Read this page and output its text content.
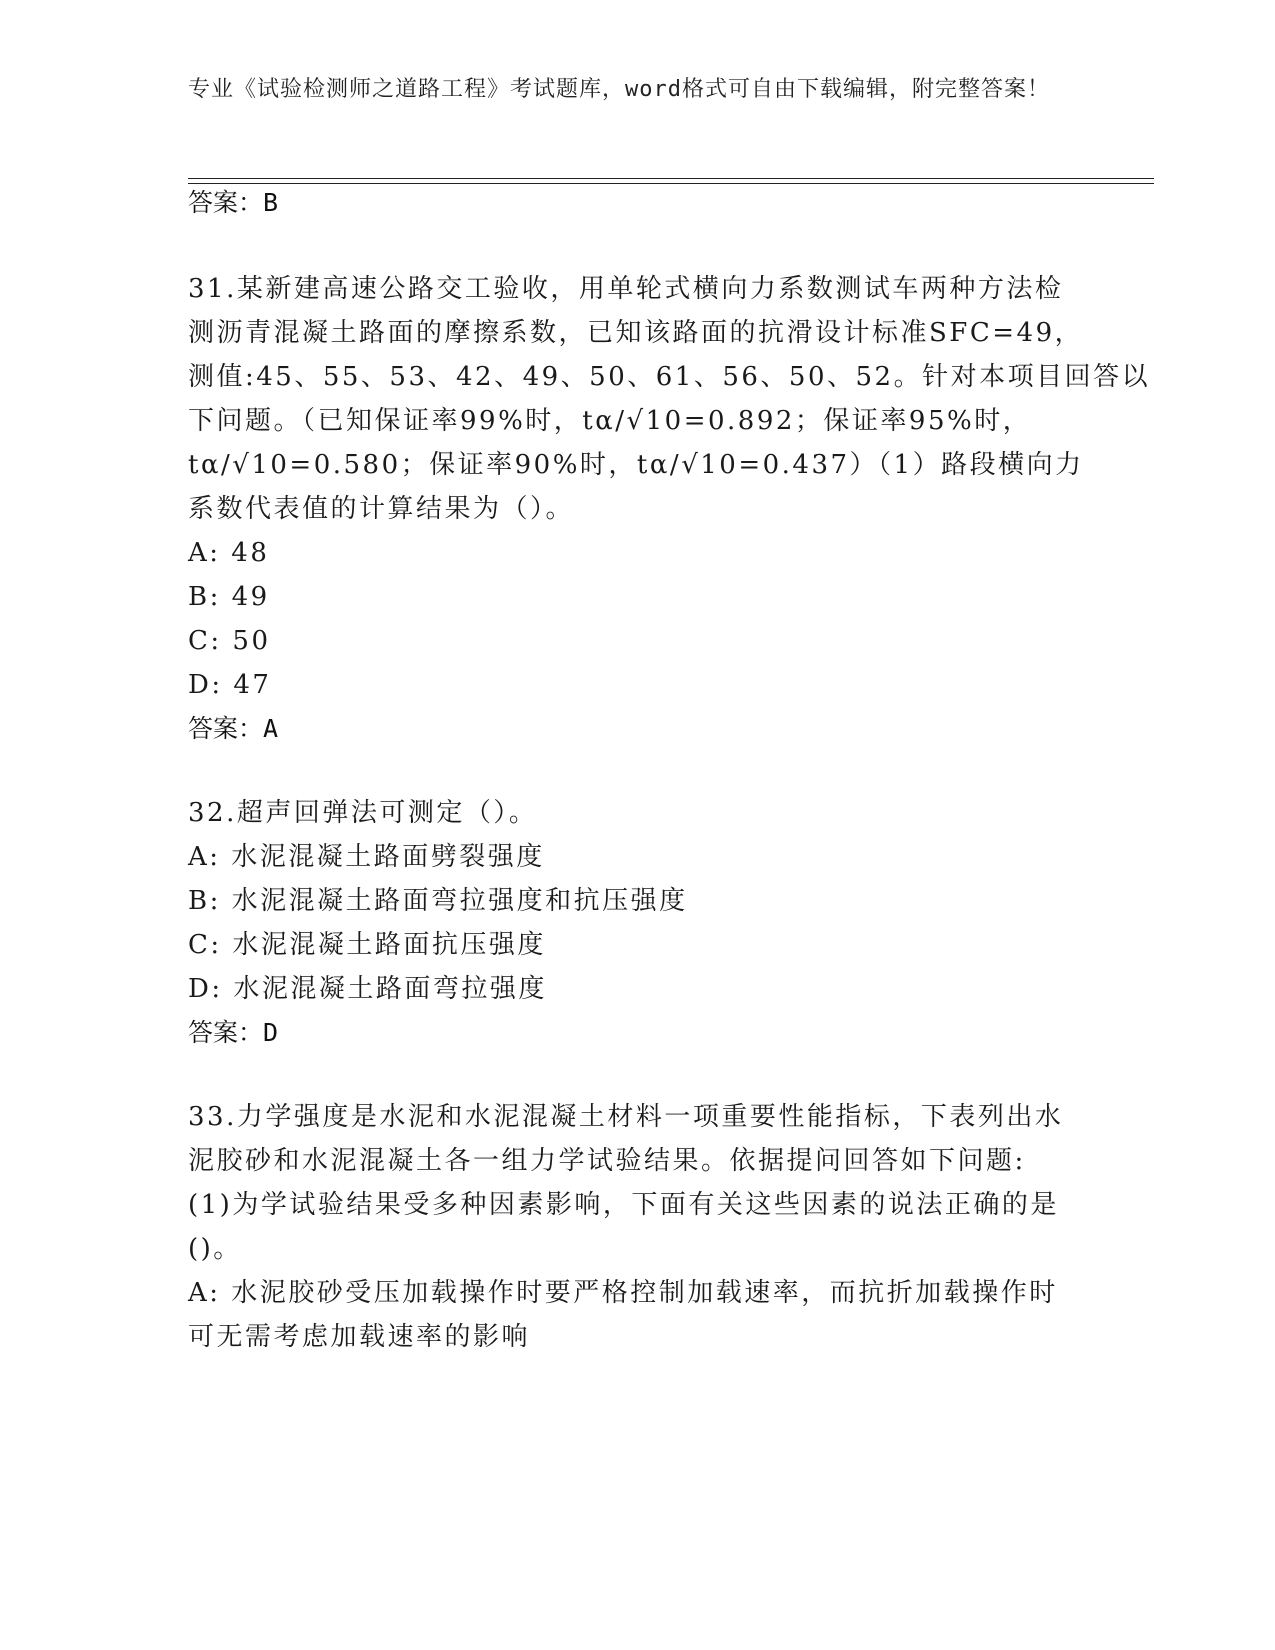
专业《试验检测师之道路工程》考试题库，word格式可自由下载编辑，附完整答案！
答案：B
31.某新建高速公路交工验收，用单轮式横向力系数测试车两种方法检
测沥青混凝土路面的摩擦系数，已知该路面的抗滑设计标准SFC=49，
测值:45、55、53、42、49、50、61、56、50、52。针对本项目回答以
下问题。（已知保证率99%时，tα/√10=0.892；保证率95%时，
tα/√10=0.580；保证率90%时，tα/√10=0.437）（1）路段横向力
系数代表值的计算结果为（）。
A: 48
B: 49
C: 50
D: 47
答案：A
32.超声回弹法可测定（）。
A: 水泥混凝土路面劈裂强度
B: 水泥混凝土路面弯拉强度和抗压强度
C: 水泥混凝土路面抗压强度
D: 水泥混凝土路面弯拉强度
答案：D
33.力学强度是水泥和水泥混凝土材料一项重要性能指标，下表列出水
泥胶砂和水泥混凝土各一组力学试验结果。依据提问回答如下问题:
(1)为学试验结果受多种因素影响，下面有关这些因素的说法正确的是
()。
A: 水泥胶砂受压加载操作时要严格控制加载速率，而抗折加载操作时
可无需考虑加载速率的影响
